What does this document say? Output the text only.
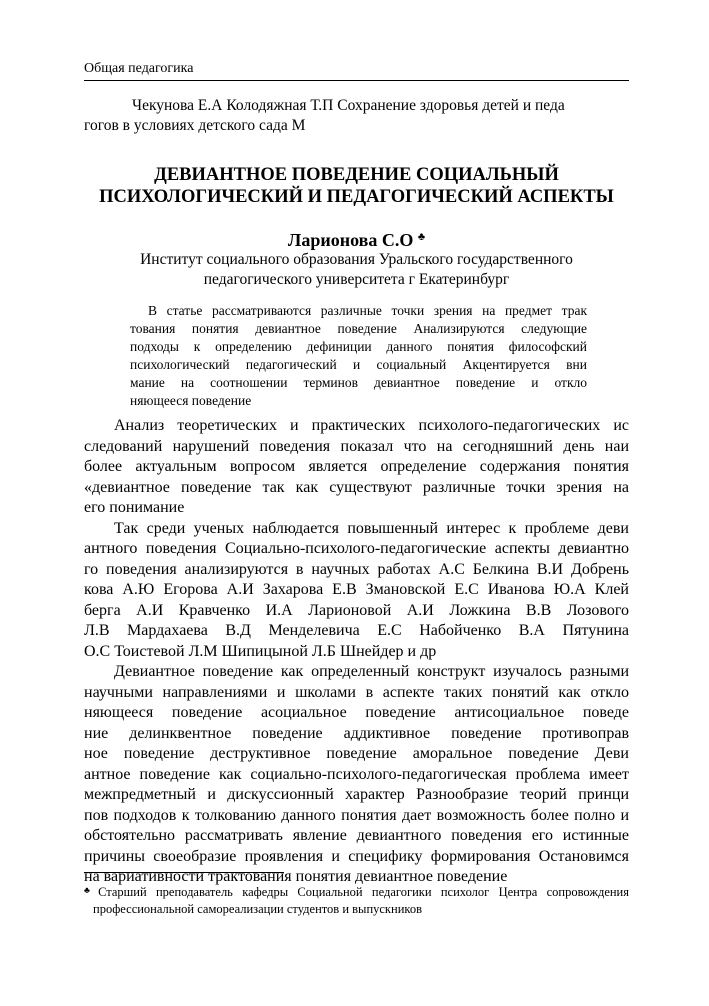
Общая педагогика
Чекунова Е.А Колодяжная Т.П Сохранение здоровья детей и педа
гогов в условиях детского сада М
ДЕВИАНТНОЕ ПОВЕДЕНИЕ СОЦИАЛЬНЫЙ
ПСИХОЛОГИЧЕСКИЙ И ПЕДАГОГИЧЕСКИЙ АСПЕКТЫ
Ларионова С.О ♣
Институт социального образования Уральского государственного
педагогического университета г Екатеринбург
В статье рассматриваются различные точки зрения на предмет трак
тования понятия девиантное поведение Анализируются следующие
подходы к определению дефиниции данного понятия философский
психологический педагогический и социальный Акцентируется вни
мание на соотношении терминов девиантное поведение и откло
няющееся поведение
Анализ теоретических и практических психолого-педагогических ис
следований нарушений поведения показал что на сегодняшний день наи
более актуальным вопросом является определение содержания понятия
«девиантное поведение так как существуют различные точки зрения на
его понимание
Так среди ученых наблюдается повышенный интерес к проблеме деви
антного поведения Социально-психолого-педагогические аспекты девиантно
го поведения анализируются в научных работах А.С Белкина В.И Добрень
кова А.Ю Егорова А.И Захарова Е.В Змановской Е.С Иванова Ю.А Клей
берга А.И Кравченко И.А Ларионовой А.И Ложкина В.В Лозового
Л.В Мардахаева В.Д Менделевича Е.С Набойченко В.А Пятунина
О.С Тоистевой Л.М Шипицыной Л.Б Шнейдер и др
Девиантное поведение как определенный конструкт изучалось разными
научными направлениями и школами в аспекте таких понятий как откло
няющееся поведение асоциальное поведение антисоциальное поведе
ние делинквентное поведение аддиктивное поведение противоправ
ное поведение деструктивное поведение аморальное поведение Деви
антное поведение как социально-психолого-педагогическая проблема имеет
межпредметный и дискуссионный характер Разнообразие теорий принци
пов подходов к толкованию данного понятия дает возможность более полно и
обстоятельно рассматривать явление девиантного поведения его истинные
причины своеобразие проявления и специфику формирования Остановимся
на вариативности трактования понятия девиантное поведение
♣ Старший преподаватель кафедры Социальной педагогики психолог Центра сопровождения
профессиональной самореализации студентов и выпускников
